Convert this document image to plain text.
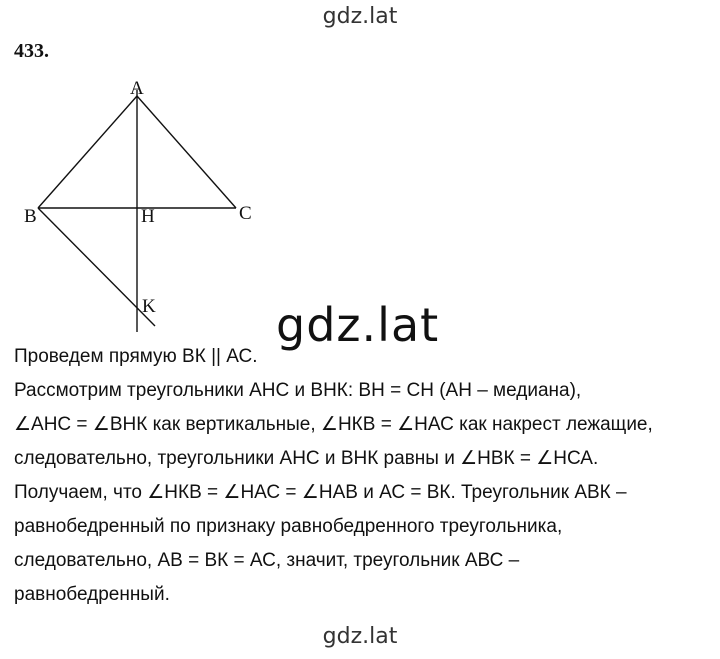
gdz.lat
433.
A
B	C
H
K	gdz.lat
Проведем прямую ВК || АС.
Рассмотрим треугольники АНС и ВНК: ВН = СН (АН – медиана),
∠АНС = ∠ВНК как вертикальные, ∠НКВ = ∠НАС как накрест лежащие,
следовательно, треугольники АНС и ВНК равны и ∠НВК = ∠НСА.
Получаем, что ∠НКВ = ∠НАС = ∠НАВ и АС = ВК. Треугольник АВК –
равнобедренный по признаку равнобедренного треугольника,
следовательно, АВ = ВК = АС, значит, треугольник АВС –
равнобедренный.
gdz.lat
